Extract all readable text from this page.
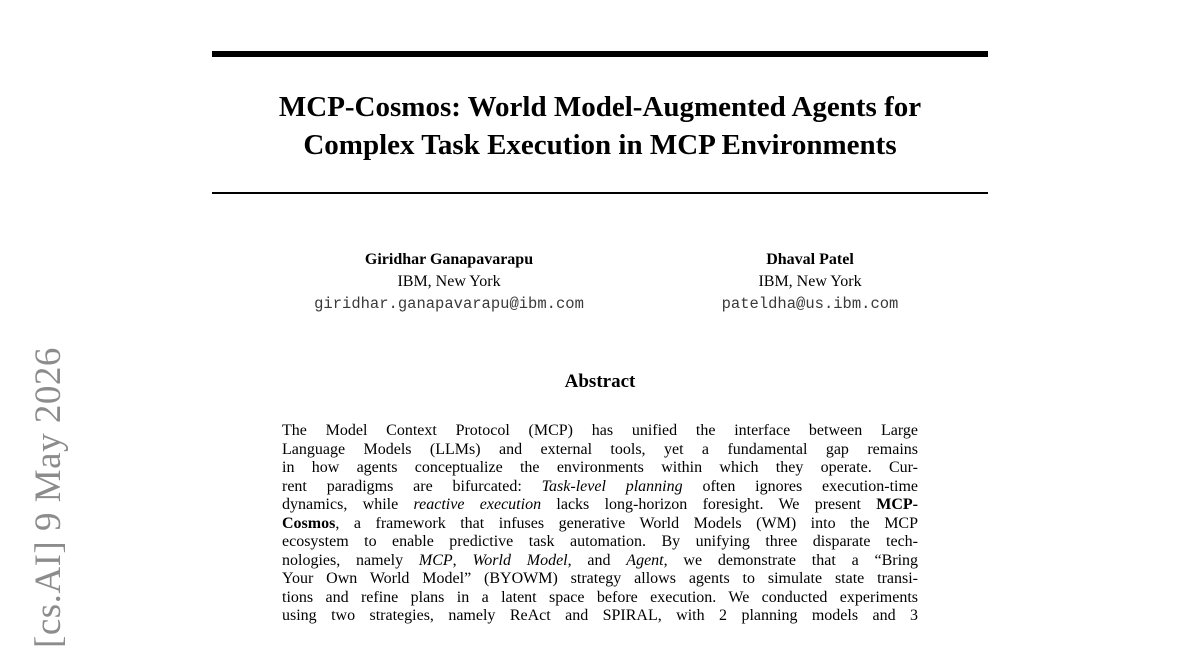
[cs.AI] 9 May 2026
MCP-Cosmos: World Model-Augmented Agents for
Complex Task Execution in MCP Environments
Giridhar Ganapavarapu
IBM, New York
giridhar.ganapavarapu@ibm.com
Dhaval Patel
IBM, New York
pateldha@us.ibm.com
Abstract
The Model Context Protocol (MCP) has unified the interface between Large
Language Models (LLMs) and external tools, yet a fundamental gap remains
in how agents conceptualize the environments within which they operate. Cur-
rent paradigms are bifurcated: Task-level planning often ignores execution-time
dynamics, while reactive execution lacks long-horizon foresight. We present MCP-
Cosmos, a framework that infuses generative World Models (WM) into the MCP
ecosystem to enable predictive task automation. By unifying three disparate tech-
nologies, namely MCP, World Model, and Agent, we demonstrate that a “Bring
Your Own World Model” (BYOWM) strategy allows agents to simulate state transi-
tions and refine plans in a latent space before execution. We conducted experiments
using two strategies, namely ReAct and SPIRAL, with 2 planning models and 3
